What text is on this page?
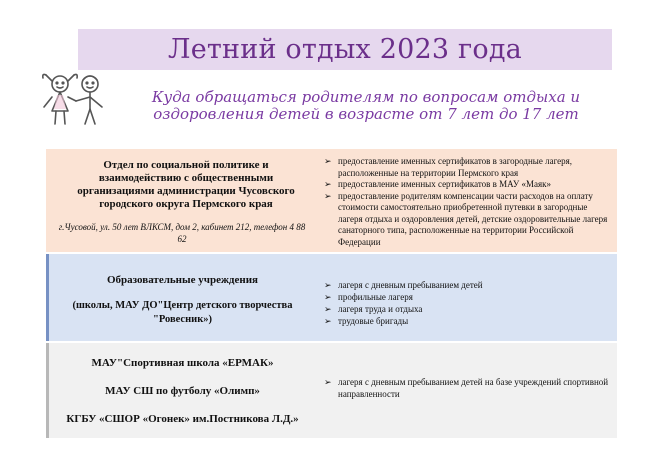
Летний отдых 2023 года
Куда обращаться родителям по вопросам отдыха и
оздоровления детей в возрасте от 7 лет до 17 лет
Отдел по социальной политике и взаимодействию с общественными организациями администрации Чусовского городского округа Пермского края
г.Чусовой, ул. 50 лет ВЛКСМ, дом 2, кабинет 212, телефон 4 88 62
➢ предоставление именных сертификатов в загородные лагеря, расположенные на территории Пермского края
➢ предоставление именных сертификатов в МАУ «Маяк»
➢ предоставление родителям компенсации части расходов на оплату стоимости самостоятельно приобретенной путевки в загородные лагеря отдыха и оздоровления детей, детские оздоровительные лагеря санаторного типа, расположенные на территории Российской Федерации
Образовательные учреждения
(школы, МАУ ДО"Центр детского творчества "Ровесник»)
➢ лагеря с дневным пребыванием детей
➢ профильные лагеря
➢ лагеря труда и отдыха
➢ трудовые бригады
МАУ"Спортивная школа «ЕРМАК»
МАУ СШ по футболу «Олимп»
КГБУ «СШОР «Огонек» им.Постникова Л.Д.»
➢ лагеря с дневным пребыванием детей на базе учреждений спортивной направленности
